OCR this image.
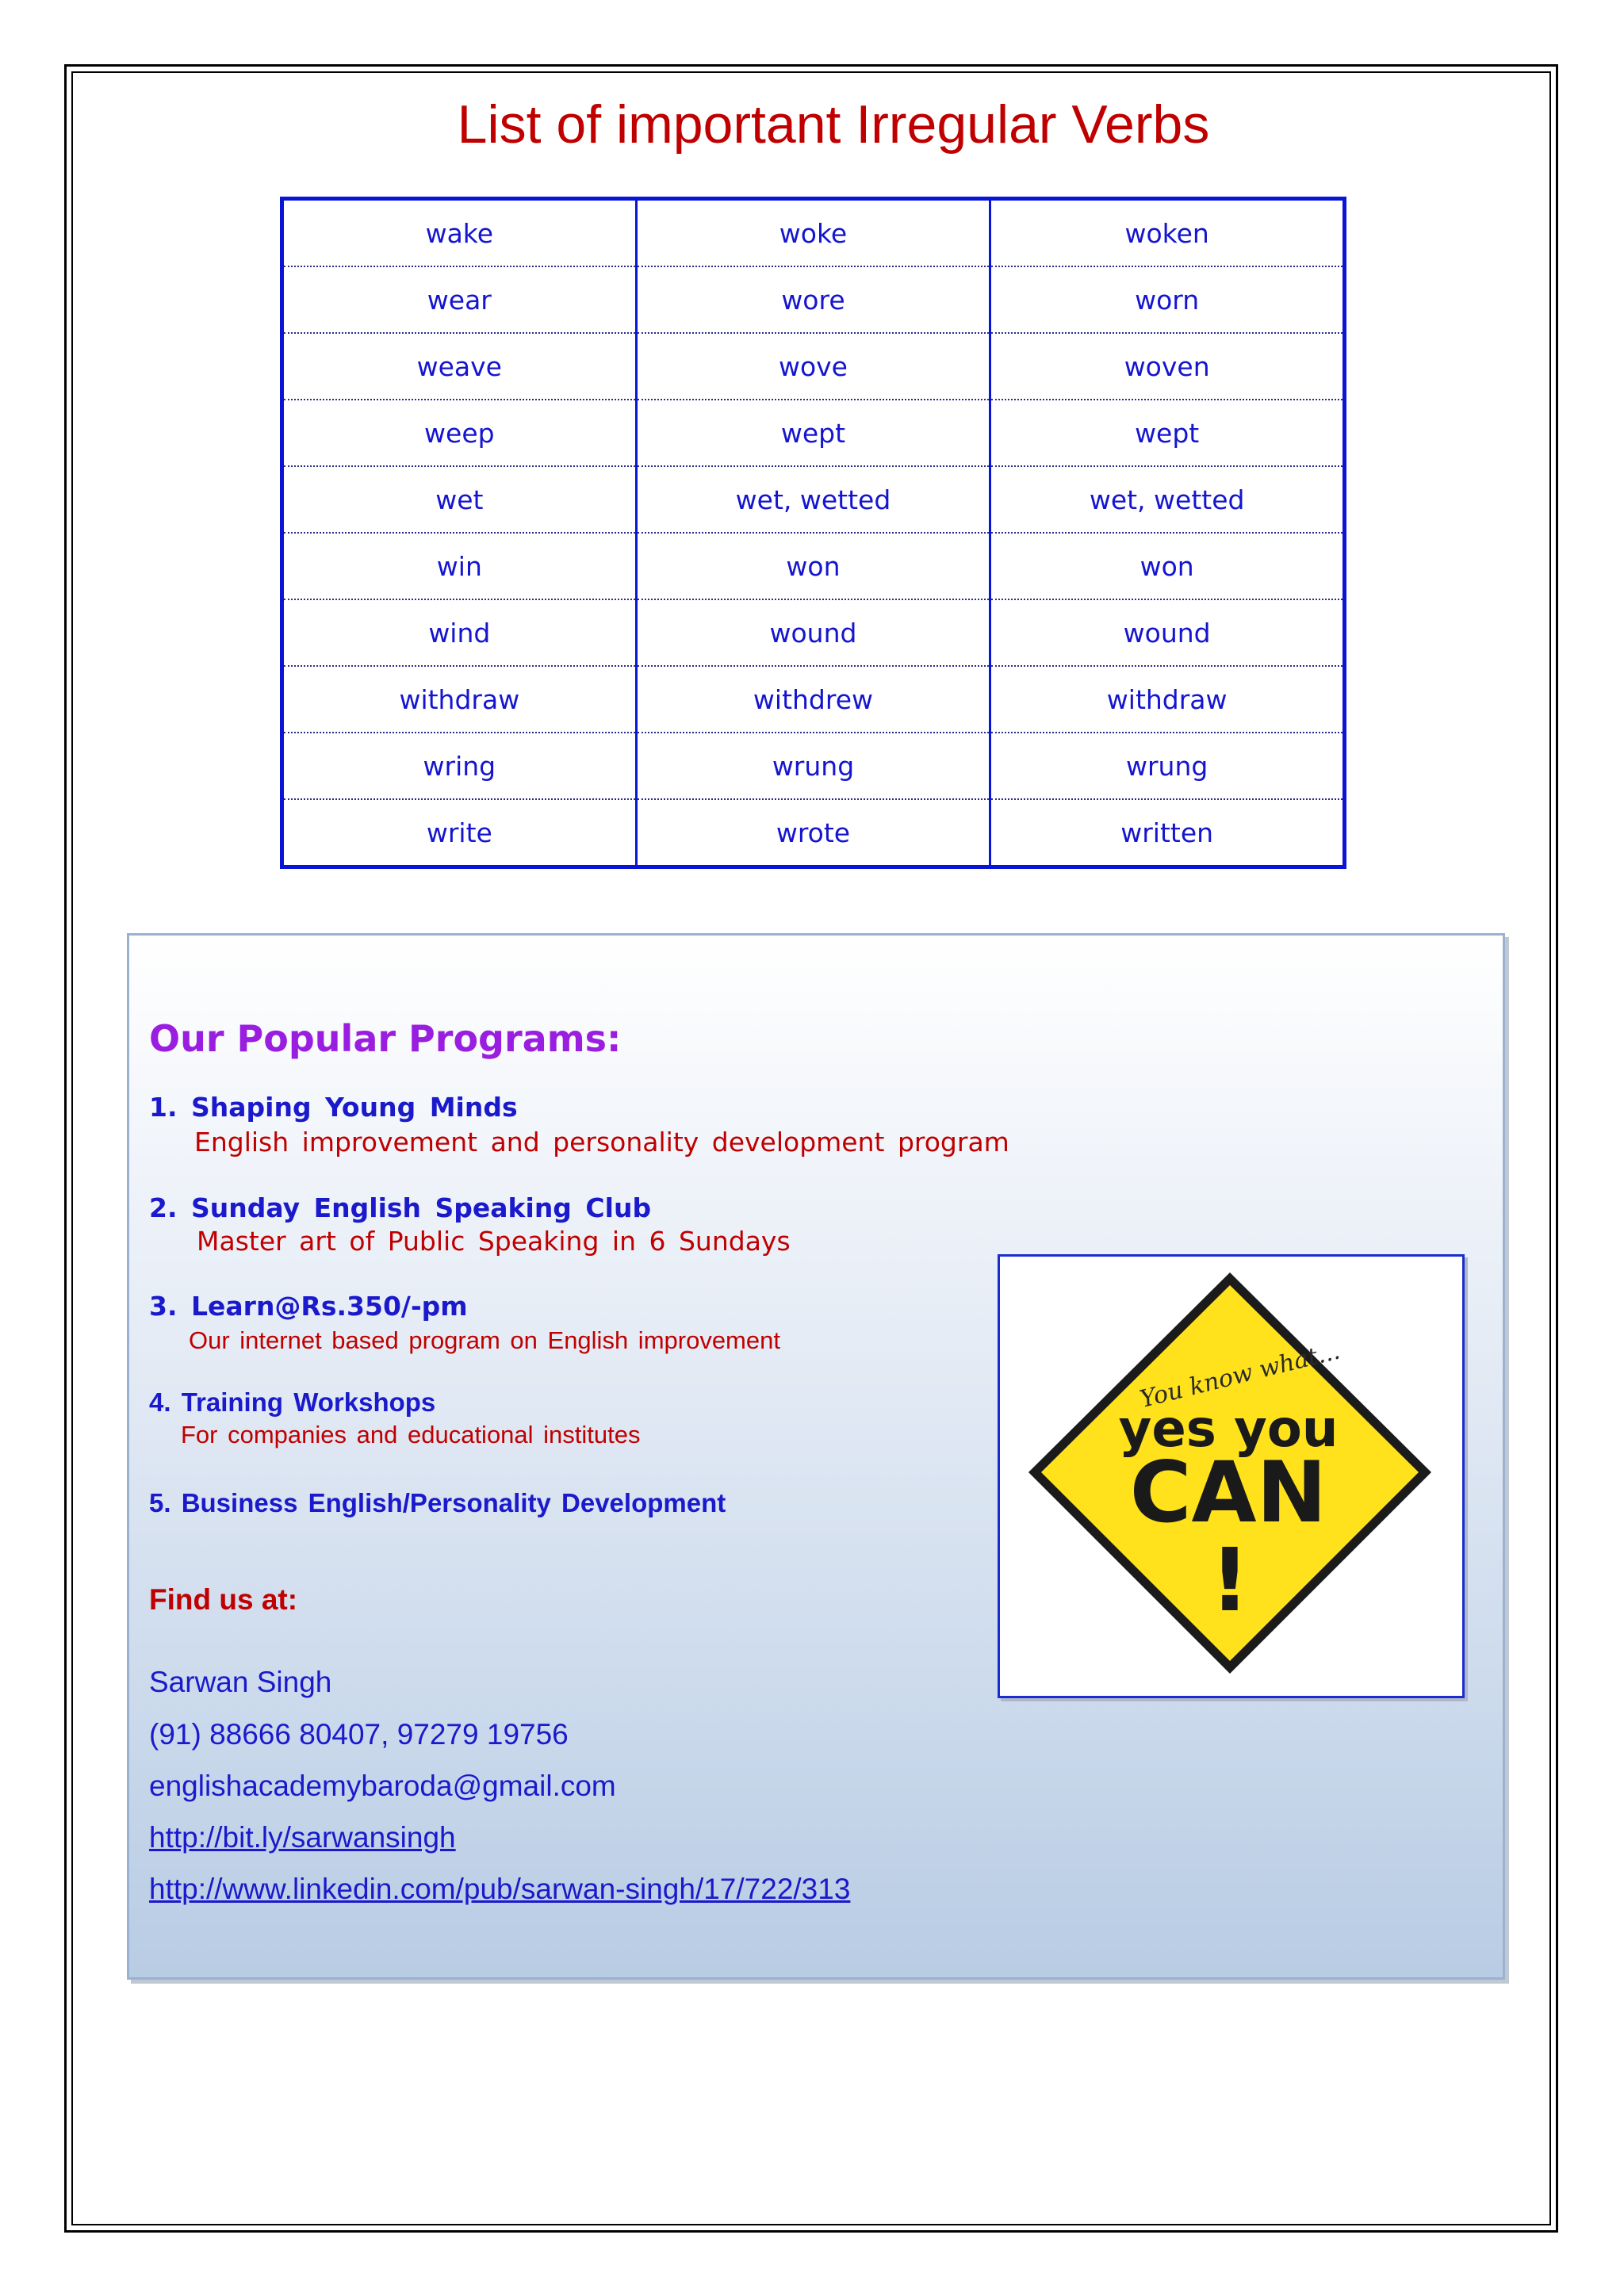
List of important Irregular Verbs
wake	woke	woken
wear	wore	worn
weave	wove	woven
weep	wept	wept
wet	wet, wetted	wet, wetted
win	won	won
wind	wound	wound
withdraw	withdrew	withdraw
wring	wrung	wrung
write	wrote	written
Our Popular Programs:
1. Shaping Young Minds
English improvement and personality development program
2. Sunday English Speaking Club
Master art of Public Speaking in 6 Sundays
3. Learn@Rs.350/-pm
Our internet based program on English improvement
4. Training Workshops
For companies and educational institutes
5. Business English/Personality Development
Find us at:
Sarwan Singh
(91) 88666 80407, 97279 19756
englishacademybaroda@gmail.com
http://bit.ly/sarwansingh
http://www.linkedin.com/pub/sarwan-singh/17/722/313
You know what...
yes you
CAN
!
